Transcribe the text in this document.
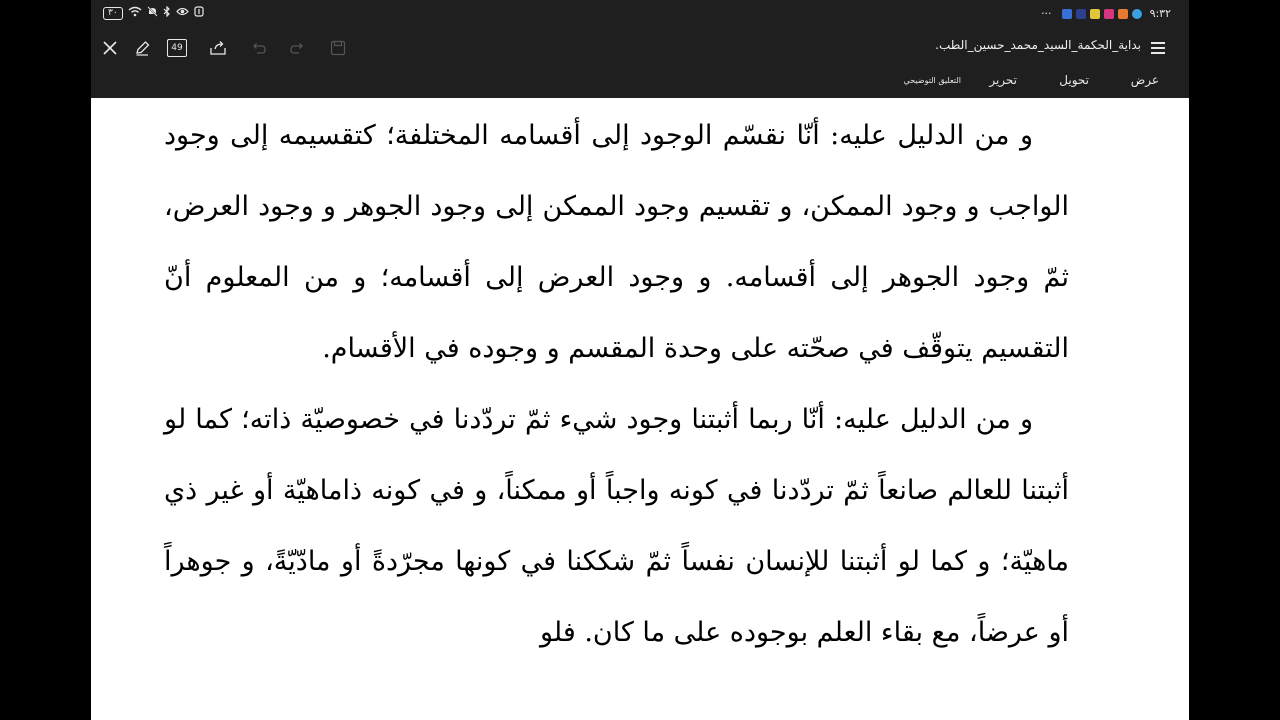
٣٠	···	٩:٣٢
49	بداية_الحكمة_السيد_محمد_حسين_الطب.
عرض
تحويل
تحرير
التعليق التوضيحي

و من الدليل عليه: أنّا نقسّم الوجود إلى أقسامه المختلفة؛ كتقسيمه إلى وجود الواجب و وجود الممكن، و تقسيم وجود الممكن إلى وجود الجوهر و وجود العرض، ثمّ وجود الجوهر إلى أقسامه. و وجود العرض إلى أقسامه؛ و من المعلوم أنّ التقسيم يتوقّف في صحّته على وحدة المقسم و وجوده في الأقسام.

و من الدليل عليه: أنّا ربما أثبتنا وجود شيء ثمّ تردّدنا في خصوصيّة ذاته؛ كما لو أثبتنا للعالم صانعاً ثمّ تردّدنا في كونه واجباً أو ممكناً، و في كونه ذاماهيّة أو غير ذي ماهيّة؛ و كما لو أثبتنا للإنسان نفساً ثمّ شككنا في كونها مجرّدةً أو مادّيّةً، و جوهراً أو عرضاً، مع بقاء العلم بوجوده على ما كان. فلو
